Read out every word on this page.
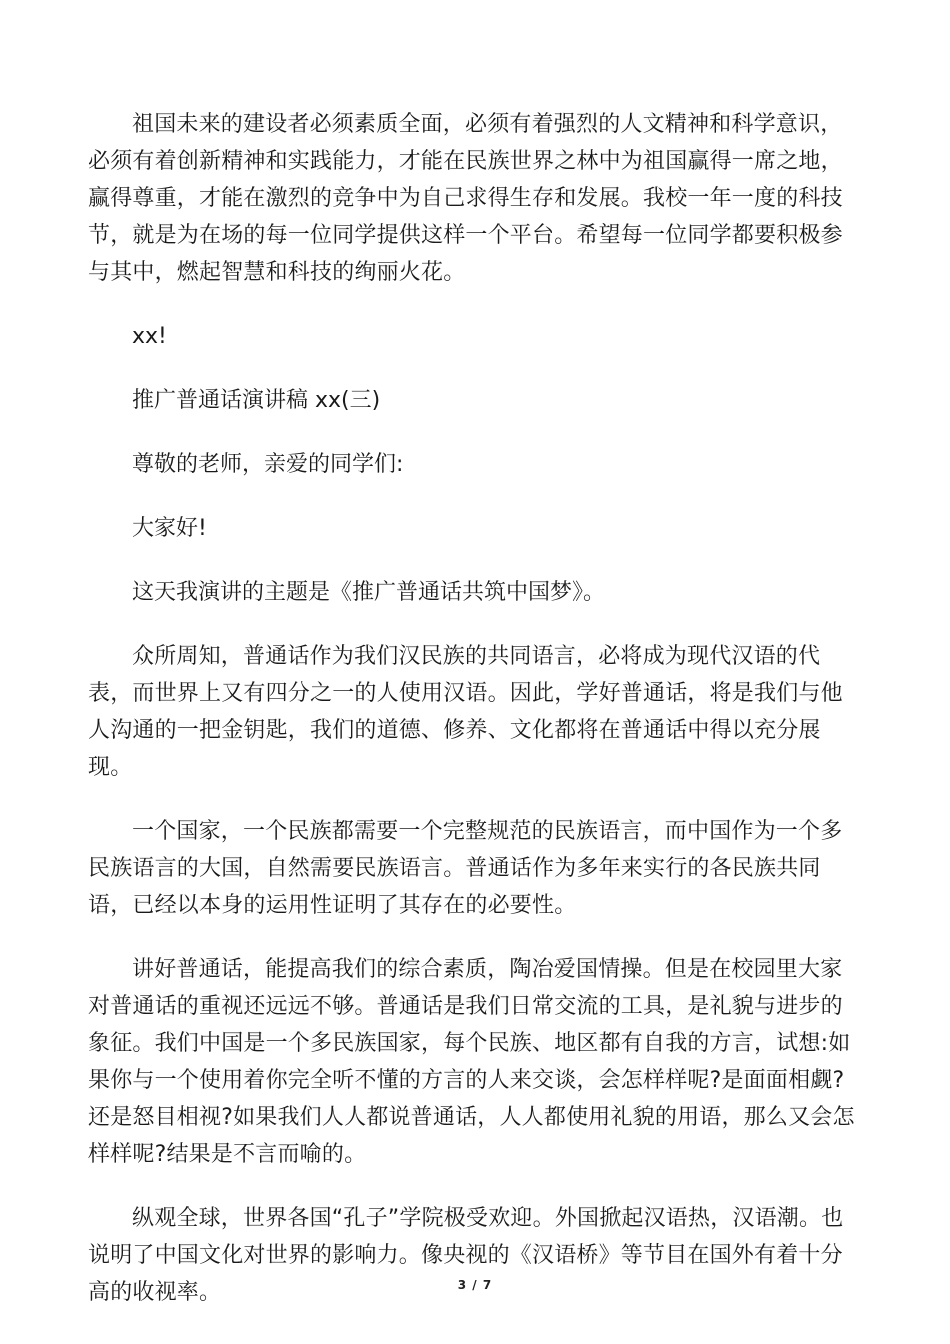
祖国未来的建设者必须素质全面，必须有着强烈的人文精神和科学意识，
必须有着创新精神和实践能力，才能在民族世界之林中为祖国赢得一席之地，
赢得尊重，才能在激烈的竞争中为自己求得生存和发展。我校一年一度的科技
节，就是为在场的每一位同学提供这样一个平台。希望每一位同学都要积极参
与其中，燃起智慧和科技的绚丽火花。

xx!

推广普通话演讲稿 xx(三)

尊敬的老师，亲爱的同学们:

大家好!

这天我演讲的主题是《推广普通话共筑中国梦》。

众所周知，普通话作为我们汉民族的共同语言，必将成为现代汉语的代
表，而世界上又有四分之一的人使用汉语。因此，学好普通话，将是我们与他
人沟通的一把金钥匙，我们的道德、修养、文化都将在普通话中得以充分展
现。

一个国家，一个民族都需要一个完整规范的民族语言，而中国作为一个多
民族语言的大国，自然需要民族语言。普通话作为多年来实行的各民族共同
语，已经以本身的运用性证明了其存在的必要性。

讲好普通话，能提高我们的综合素质，陶冶爱国情操。但是在校园里大家
对普通话的重视还远远不够。普通话是我们日常交流的工具，是礼貌与进步的
象征。我们中国是一个多民族国家，每个民族、地区都有自我的方言，试想:如
果你与一个使用着你完全听不懂的方言的人来交谈，会怎样样呢?是面面相觑?
还是怒目相视?如果我们人人都说普通话，人人都使用礼貌的用语，那么又会怎
样样呢?结果是不言而喻的。

纵观全球，世界各国“孔子”学院极受欢迎。外国掀起汉语热，汉语潮。也
说明了中国文化对世界的影响力。像央视的《汉语桥》等节目在国外有着十分
高的收视率。	3 / 7
